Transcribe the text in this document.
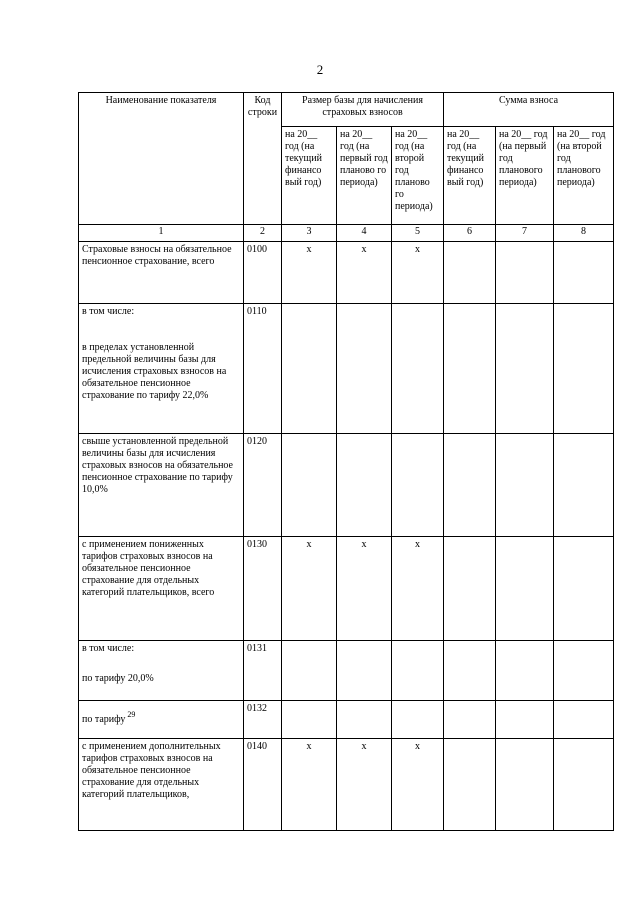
2
Наименование показателя	Код строки	Размер базы для начисления страховых взносов			Сумма взноса		
		на 20__ год (на текущий финансо вый год)	на 20__ год (на первый год планово го периода)	на 20__ год (на второй год планово го периода)	на 20__ год (на текущий финансо вый год)	на 20__ год (на первый год планового периода)	на 20__ год (на второй год планового периода)
1	2	3	4	5	6	7	8
Страховые взносы на обязательное пенсионное страхование, всего	0100	x	x	x			
в том числе:
в пределах установленной предельной величины базы для исчисления страховых взносов на обязательное пенсионное страхование по тарифу 22,0%	0110						
свыше установленной предельной величины базы для исчисления страховых взносов на обязательное пенсионное страхование по тарифу 10,0%	0120						
с применением пониженных тарифов страховых взносов на обязательное пенсионное страхование для отдельных категорий плательщиков, всего	0130	x	x	x			
в том числе:
по тарифу 20,0%	0131						
по тарифу $^{29}$	0132						
с применением дополнительных тарифов страховых взносов на обязательное пенсионное страхование для отдельных категорий плательщиков,	0140	x	x	x			
